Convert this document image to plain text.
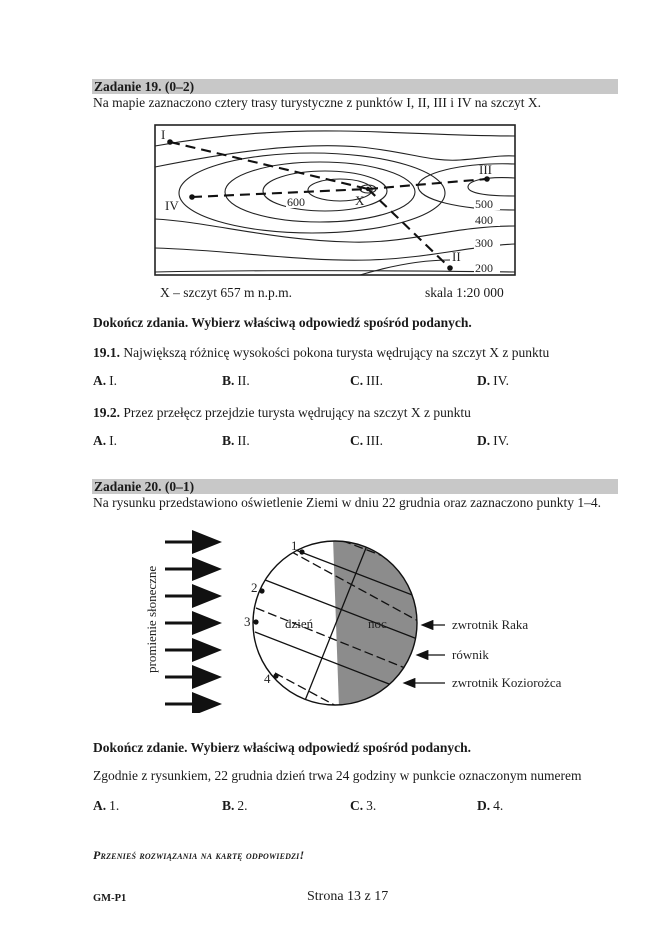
Zadanie 19. (0–2)
Na mapie zaznaczono cztery trasy turystyczne z punktów I, II, III i IV na szczyt X.
I
II
III
IV	X
600	500
400
300
200
X – szczyt 657 m n.p.m.	skala 1:20 000
Dokończ zdania. Wybierz właściwą odpowiedź spośród podanych.
19.1. Największą różnicę wysokości pokona turysta wędrujący na szczyt X z punktu
A. I.	B. II.	C. III.	D. IV.
19.2. Przez przełęcz przejdzie turysta wędrujący na szczyt X z punktu
A. I.	B. II.	C. III.	D. IV.
Zadanie 20. (0–1)
Na rysunku przedstawiono oświetlenie Ziemi w dniu 22 grudnia oraz zaznaczono punkty 1–4.
promienie słoneczne
1
2
3
4
dzień	noc	zwrotnik Raka
równik
zwrotnik Koziorożca
Dokończ zdanie. Wybierz właściwą odpowiedź spośród podanych.
Zgodnie z rysunkiem, 22 grudnia dzień trwa 24 godziny w punkcie oznaczonym numerem
A. 1.	B. 2.	C. 3.	D. 4.
Przenieś rozwiązania na kartę odpowiedzi!
GM-P1	Strona 13 z 17
